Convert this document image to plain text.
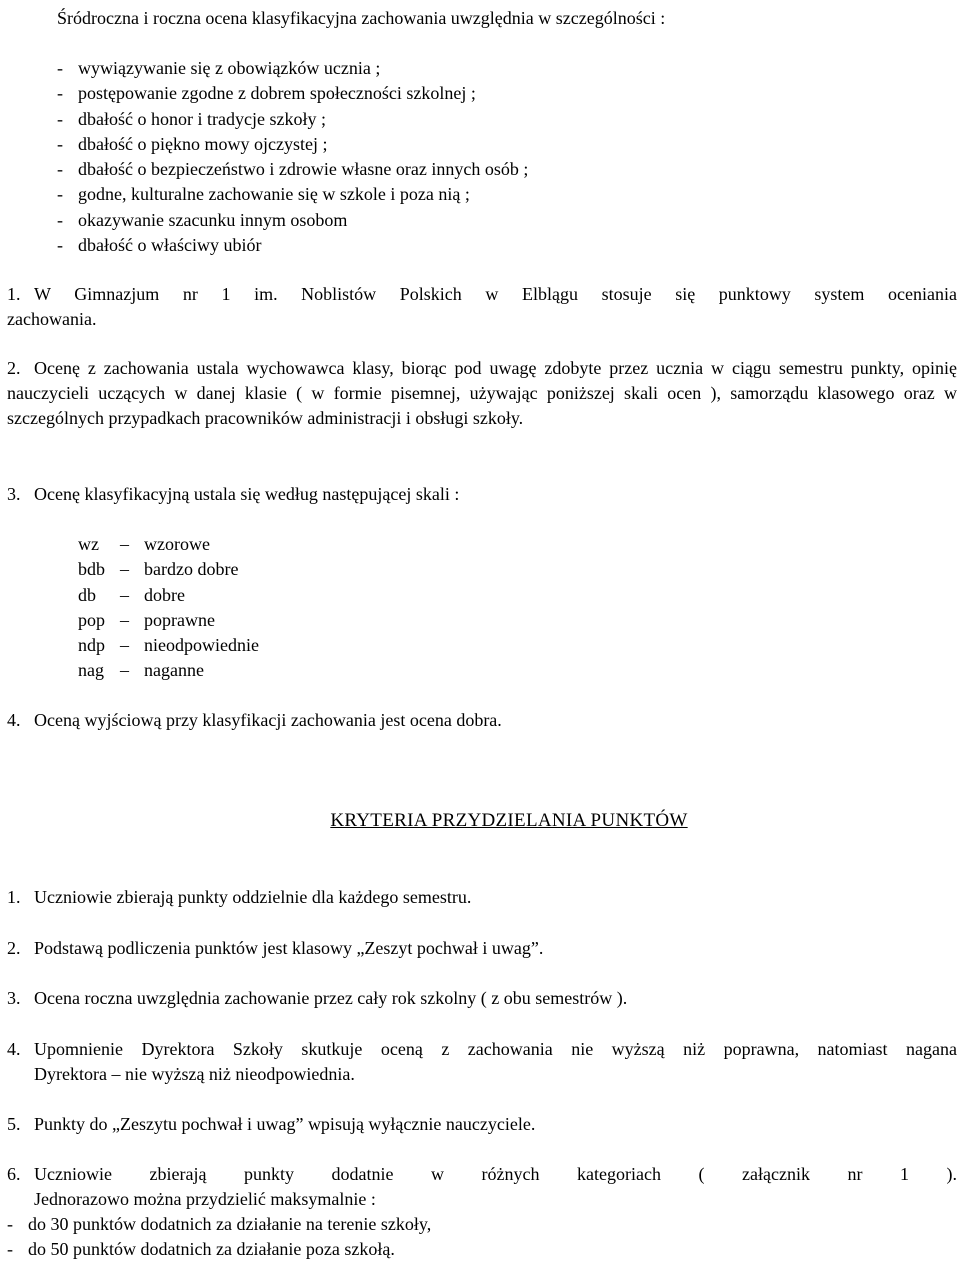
Śródroczna i roczna ocena klasyfikacyjna zachowania uwzględnia w szczególności :
- wywiązywanie się z obowiązków ucznia ;
- postępowanie zgodne z dobrem społeczności szkolnej ;
- dbałość o honor i tradycje szkoły ;
- dbałość o piękno mowy ojczystej ;
- dbałość o bezpieczeństwo i zdrowie własne oraz innych osób ;
- godne, kulturalne zachowanie się w szkole i poza nią ;
- okazywanie szacunku innym osobom
- dbałość o właściwy ubiór
1. W Gimnazjum nr 1 im. Noblistów Polskich w Elblągu stosuje się punktowy system oceniania
zachowania.
2. Ocenę z zachowania ustala wychowawca klasy, biorąc pod uwagę zdobyte przez ucznia w ciągu semestru punkty, opinię nauczycieli uczących w danej klasie ( w formie pisemnej, używając poniższej skali ocen ), samorządu klasowego oraz w szczególnych przypadkach pracowników administracji i obsługi szkoły.
3. Ocenę klasyfikacyjną ustala się według następującej skali :
wz	– wzorowe
bdb – bardzo dobre
db	– dobre
pop – poprawne
ndp – nieodpowiednie
nag – naganne
4. Oceną wyjściową przy klasyfikacji zachowania jest ocena dobra.
KRYTERIA PRZYDZIELANIA PUNKTÓW
1. Uczniowie zbierają punkty oddzielnie dla każdego semestru.
2. Podstawą podliczenia punktów jest klasowy „Zeszyt pochwał i uwag”.
3. Ocena roczna uwzględnia zachowanie przez cały rok szkolny ( z obu semestrów ).
4. Upomnienie Dyrektora Szkoły skutkuje oceną z zachowania nie wyższą niż poprawna, natomiast nagana
Dyrektora – nie wyższą niż nieodpowiednia.
5. Punkty do „Zeszytu pochwał i uwag” wpisują wyłącznie nauczyciele.
6. Uczniowie zbierają punkty dodatnie w różnych kategoriach ( załącznik nr 1 ).
Jednorazowo można przydzielić maksymalnie :
- do 30 punktów dodatnich za działanie na terenie szkoły,
- do 50 punktów dodatnich za działanie poza szkołą.
